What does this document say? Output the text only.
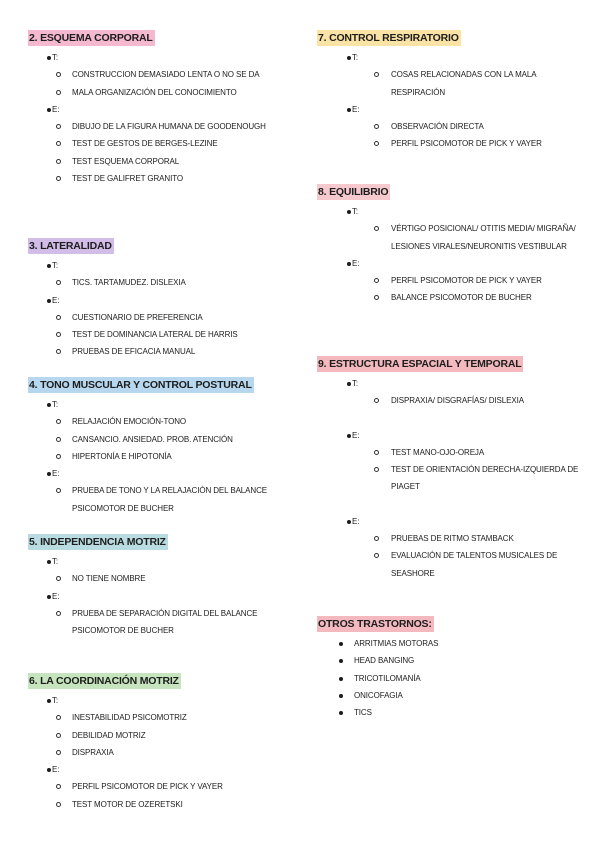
2. ESQUEMA CORPORAL
T:
CONSTRUCCION DEMASIADO LENTA O NO SE DA
MALA ORGANIZACIÓN DEL CONOCIMIENTO
E:
DIBUJO DE LA FIGURA HUMANA DE GOODENOUGH
TEST DE GESTOS DE BERGES-LEZINE
TEST ESQUEMA CORPORAL
TEST DE GALIFRET GRANITO
3. LATERALIDAD
T:
TICS. TARTAMUDEZ. DISLEXIA
E:
CUESTIONARIO DE PREFERENCIA
TEST DE DOMINANCIA LATERAL DE HARRIS
PRUEBAS DE EFICACIA MANUAL
4. TONO MUSCULAR Y CONTROL POSTURAL
T:
RELAJACIÓN EMOCIÓN-TONO
CANSANCIO. ANSIEDAD. PROB. ATENCIÓN
HIPERTONÍA E HIPOTONÍA
E:
PRUEBA DE TONO Y LA RELAJACIÓN DEL BALANCE PSICOMOTOR DE BUCHER
5. INDEPENDENCIA MOTRIZ
T:
NO TIENE NOMBRE
E:
PRUEBA DE SEPARACIÓN DIGITAL DEL BALANCE PSICOMOTOR DE BUCHER
6. LA COORDINACIÓN MOTRIZ
T:
INESTABILIDAD PSICOMOTRIZ
DEBILIDAD MOTRIZ
DISPRAXIA
E:
PERFIL PSICOMOTOR DE PICK Y VAYER
TEST MOTOR DE OZERETSKI
7. CONTROL RESPIRATORIO
T:
COSAS RELACIONADAS CON LA MALA RESPIRACIÓN
E:
OBSERVACIÓN DIRECTA
PERFIL PSICOMOTOR DE PICK Y VAYER
8. EQUILIBRIO
T:
VÉRTIGO POSICIONAL/ OTITIS MEDIA/ MIGRAÑA/ LESIONES VIRALES/NEURONITIS VESTIBULAR
E:
PERFIL PSICOMOTOR DE PICK Y VAYER
BALANCE PSICOMOTOR DE BUCHER
9. ESTRUCTURA ESPACIAL Y TEMPORAL
T:
DISPRAXIA/ DISGRAFÍAS/ DISLEXIA
E:
TEST MANO-OJO-OREJA
TEST DE ORIENTACIÓN DERECHA-IZQUIERDA DE PIAGET
E:
PRUEBAS DE RITMO STAMBACK
EVALUACIÓN DE TALENTOS MUSICALES DE SEASHORE
OTROS TRASTORNOS:
ARRITMIAS MOTORAS
HEAD BANGING
TRICOTILOMANÍA
ONICOFAGIA
TICS
